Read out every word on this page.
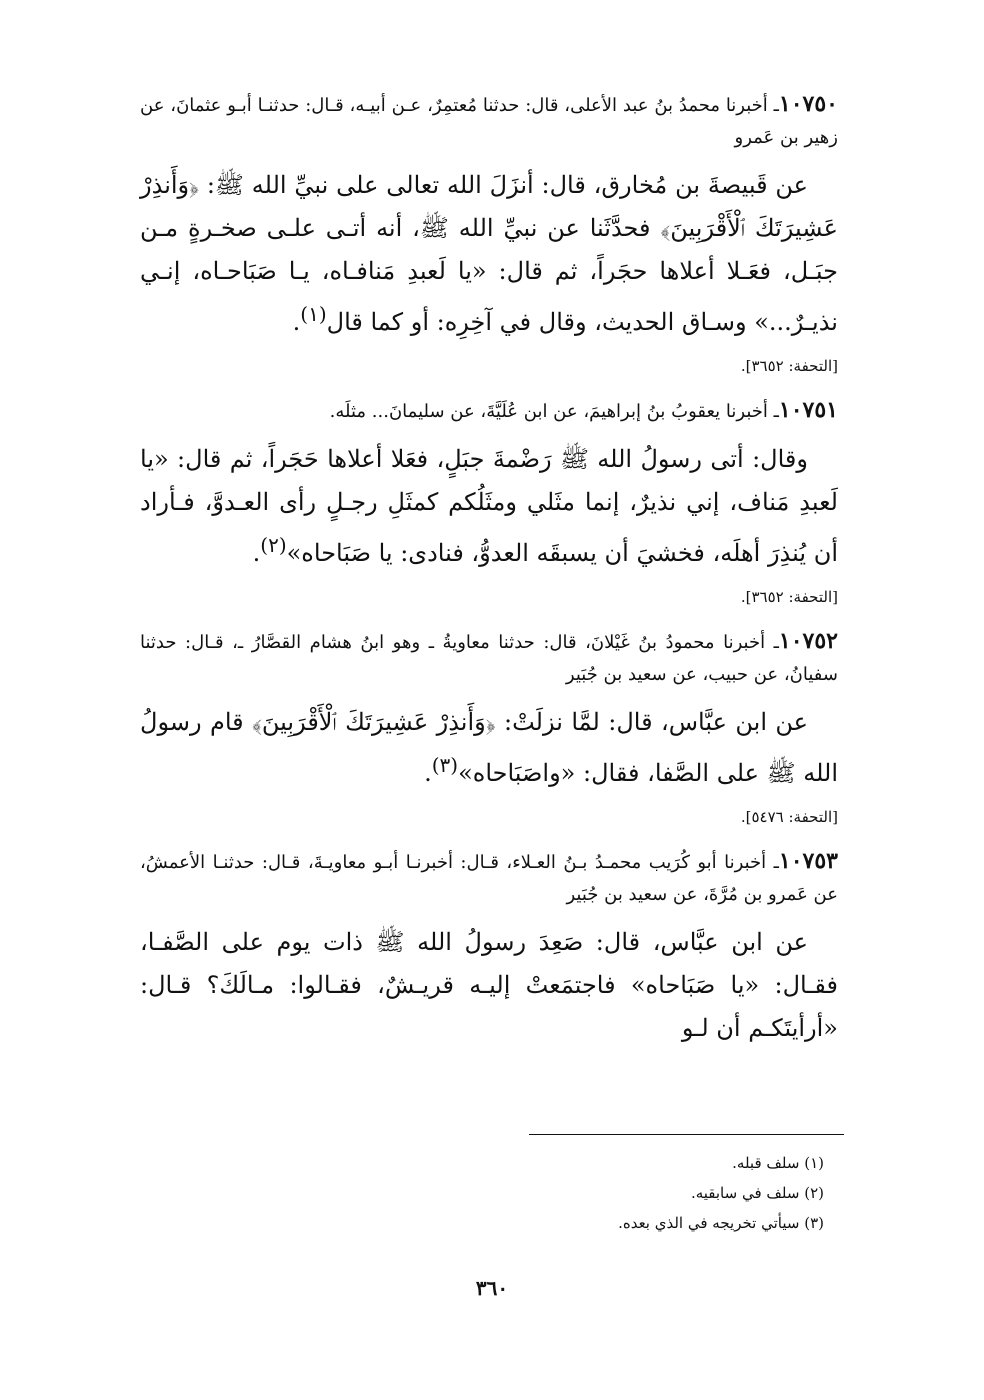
١٠٧٥٠ـ أخبرنا محمدُ بنُ عبد الأعلى، قال: حدثنا مُعتمِرٌ، عـن أبيـه، قـال: حدثنـا أبـو عثمانَ، عن زهير بن عَمرو

عن قَبيصةَ بن مُخارق، قال: أنزَلَ الله تعالى على نبيِّ الله ﷺ: ﴿وَأَنذِرْ عَشِيرَتَكَ ٱلْأَقْرَبِينَ﴾ فحدَّثَنا عن نبيِّ الله ﷺ، أنه أتـى علـى صخـرةٍ مـن جبَـل، فعَـلا أعلاها حجَراً، ثم قال: «يا لَعبدِ مَنافـاه، يـا صَبَاحـاه، إنـي نذيـرٌ...» وسـاق الحديث، وقال في آخِرِه: أو كما قال$^{(١)}$.

[التحفة: ٣٦٥٢].

١٠٧٥١ـ أخبرنا يعقوبُ بنُ إبراهيمَ، عن ابن عُلَيَّةَ، عن سليمانَ... مثلَه.

وقال: أتى رسولُ الله ﷺ رَضْمةَ جبَلٍ، فعَلا أعلاها حَجَراً، ثم قال: «يا لَعبدِ مَناف، إني نذيرٌ، إنما مثَلي ومثَلُكم كمثَلِ رجـلٍ رأى العـدوَّ، فـأراد أن يُنذِرَ أهلَه، فخشيَ أن يسبقَه العدوُّ، فنادى: يا صَبَاحاه»$^{(٢)}$.

[التحفة: ٣٦٥٢].

١٠٧٥٢ـ أخبرنا محمودُ بنُ غَيْلانَ، قال: حدثنا معاويةُ ـ وهو ابنُ هشام القصَّارُ ـ، قـال: حدثنا سفيانُ، عن حبيب، عن سعيد بن جُبَير

عن ابن عبَّاس، قال: لمَّا نزلَتْ: ﴿وَأَنذِرْ عَشِيرَتَكَ ٱلْأَقْرَبِينَ﴾ قام رسولُ الله ﷺ على الصَّفا، فقال: «واصَبَاحاه»$^{(٣)}$.

[التحفة: ٥٤٧٦].

١٠٧٥٣ـ أخبرنا أبو كُرَيب محمـدُ بـنُ العـلاء، قـال: أخبرنـا أبـو معاويـةَ، قـال: حدثنـا الأعمشُ، عن عَمرو بن مُرَّةَ، عن سعيد بن جُبَير

عن ابن عبَّاس، قال: صَعِدَ رسولُ الله ﷺ ذات يوم على الصَّفـا، فقـال: «يا صَبَاحاه» فاجتمَعتْ إليـه قريـشٌ، فقـالوا: مـالَكَ؟ قـال: «أرأيتَكـم أن لـو

(١) سلف قبله.
(٢) سلف في سابقيه.
(٣) سيأتي تخريجه في الذي بعده.
٣٦٠
